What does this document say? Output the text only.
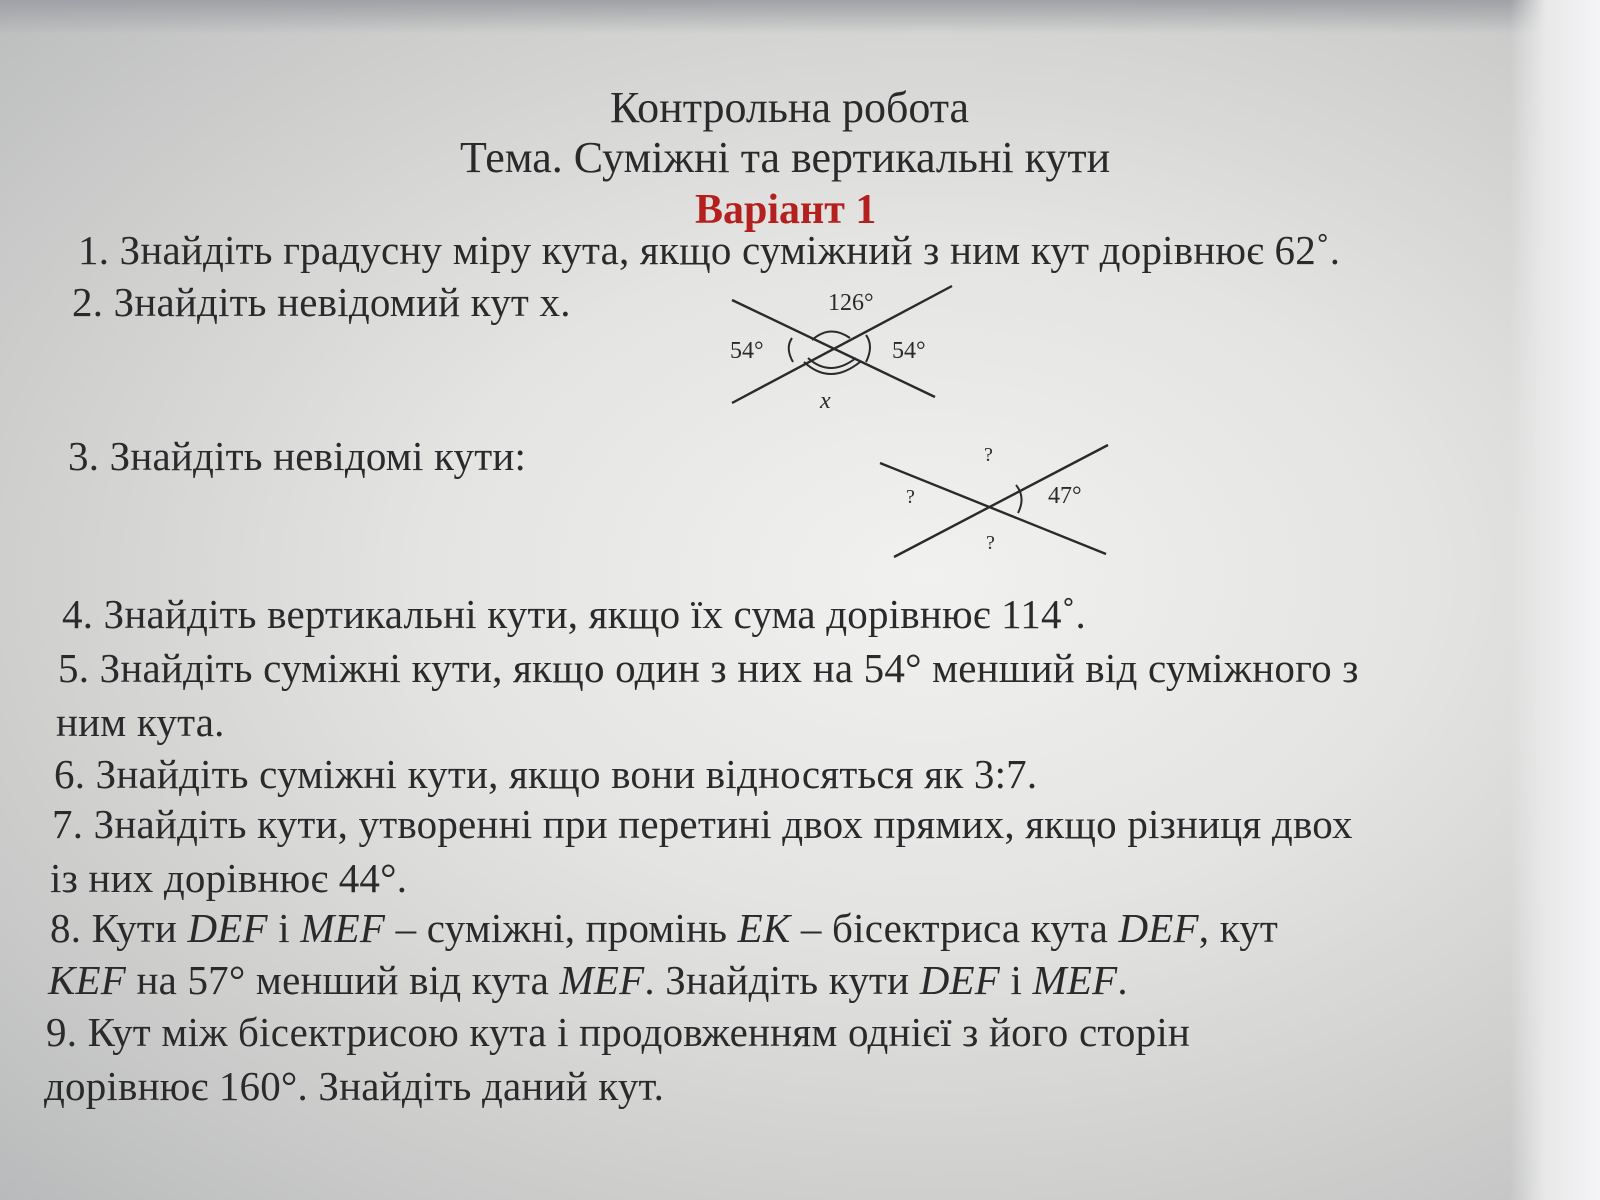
Контрольна робота
Тема. Суміжні та вертикальні кути
Варіант 1
1. Знайдіть градусну міру кута, якщо суміжний з ним кут дорівнює 62˚.
2. Знайдіть невідомий кут x.	126°
54°	54°
x
3. Знайдіть невідомі кути:	?
?	47°
?
4. Знайдіть вертикальні кути, якщо їх сума дорівнює 114˚.
5. Знайдіть суміжні кути, якщо один з них на 54° менший від суміжного з
ним кута.
6. Знайдіть суміжні кути, якщо вони відносяться як 3:7.
7. Знайдіть кути, утворенні при перетині двох прямих, якщо різниця двох
із них дорівнює 44°.
8. Кути DEF і MEF – суміжні, промінь EK – бісектриса кута DEF, кут
KEF на 57° менший від кута MEF. Знайдіть кути DEF і MEF.
9. Кут між бісектрисою кута і продовженням однієї з його сторін
дорівнює 160°. Знайдіть даний кут.
